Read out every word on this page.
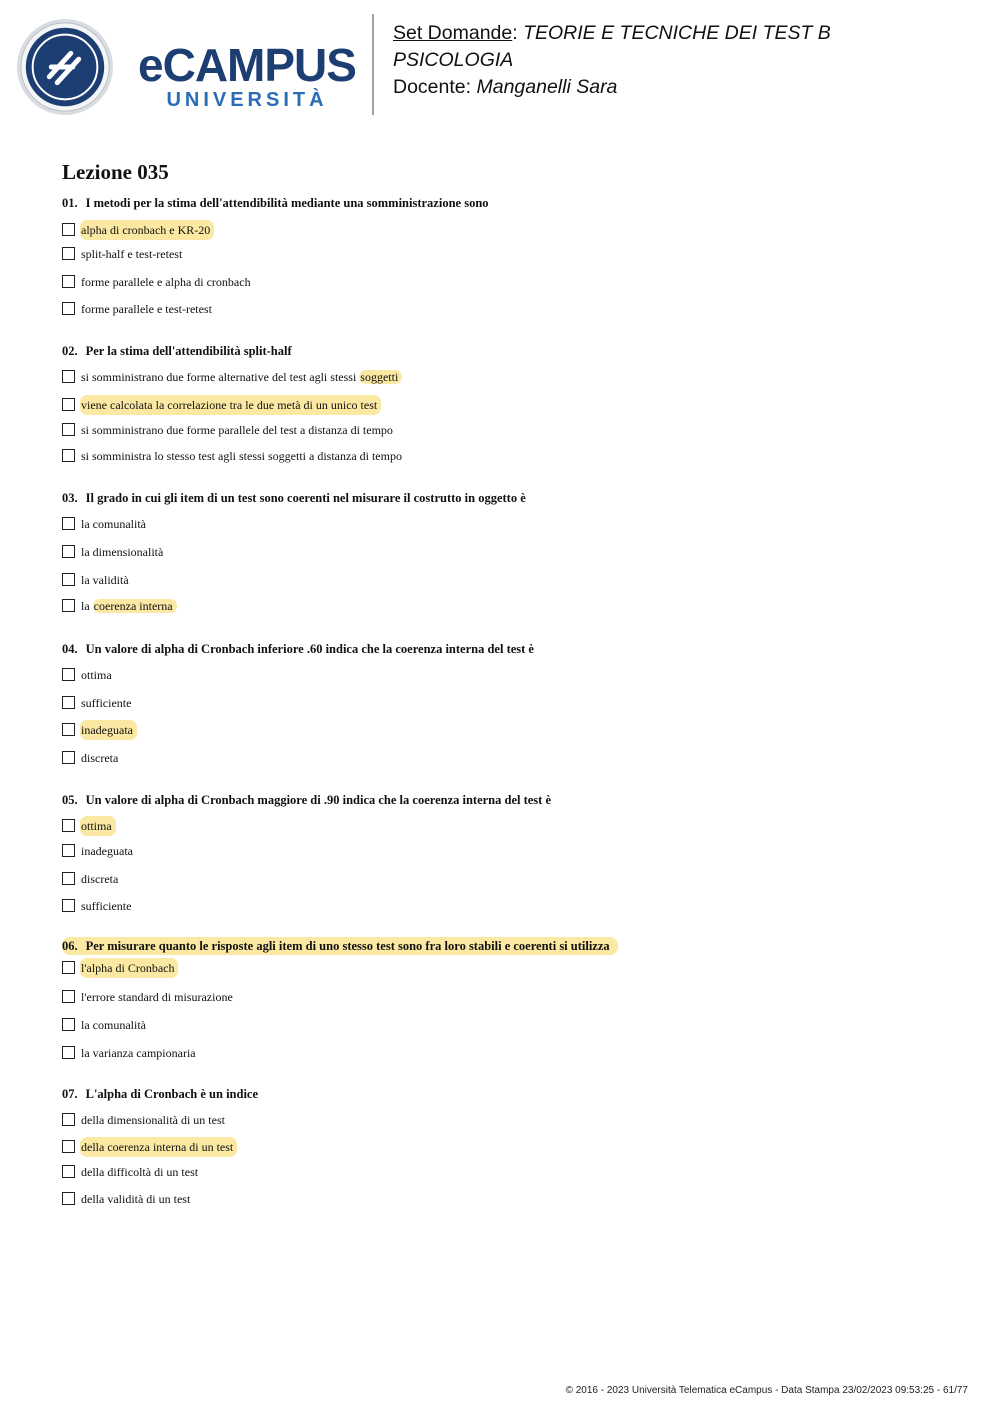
eCAMPUS
UNIVERSITÀ
Set Domande: TEORIE E TECNICHE DEI TEST B
PSICOLOGIA
Docente: Manganelli Sara
Lezione 035
01. I metodi per la stima dell'attendibilità mediante una somministrazione sono
alpha di cronbach e KR-20
split-half e test-retest
forme parallele e alpha di cronbach
forme parallele e test-retest
02. Per la stima dell'attendibilità split-half
si somministrano due forme alternative del test agli stessi soggetti
viene calcolata la correlazione tra le due metà di un unico test
si somministrano due forme parallele del test a distanza di tempo
si somministra lo stesso test agli stessi soggetti a distanza di tempo
03. Il grado in cui gli item di un test sono coerenti nel misurare il costrutto in oggetto è
la comunalità
la dimensionalità
la validità
la coerenza interna
04. Un valore di alpha di Cronbach inferiore .60 indica che la coerenza interna del test è
ottima
sufficiente
inadeguata
discreta
05. Un valore di alpha di Cronbach maggiore di .90 indica che la coerenza interna del test è
ottima
inadeguata
discreta
sufficiente
06. Per misurare quanto le risposte agli item di uno stesso test sono fra loro stabili e coerenti si utilizza
l'alpha di Cronbach
l'errore standard di misurazione
la comunalità
la varianza campionaria
07. L'alpha di Cronbach è un indice
della dimensionalità di un test
della coerenza interna di un test
della difficoltà di un test
della validità di un test
© 2016 - 2023 Università Telematica eCampus - Data Stampa 23/02/2023 09:53:25 - 61/77
